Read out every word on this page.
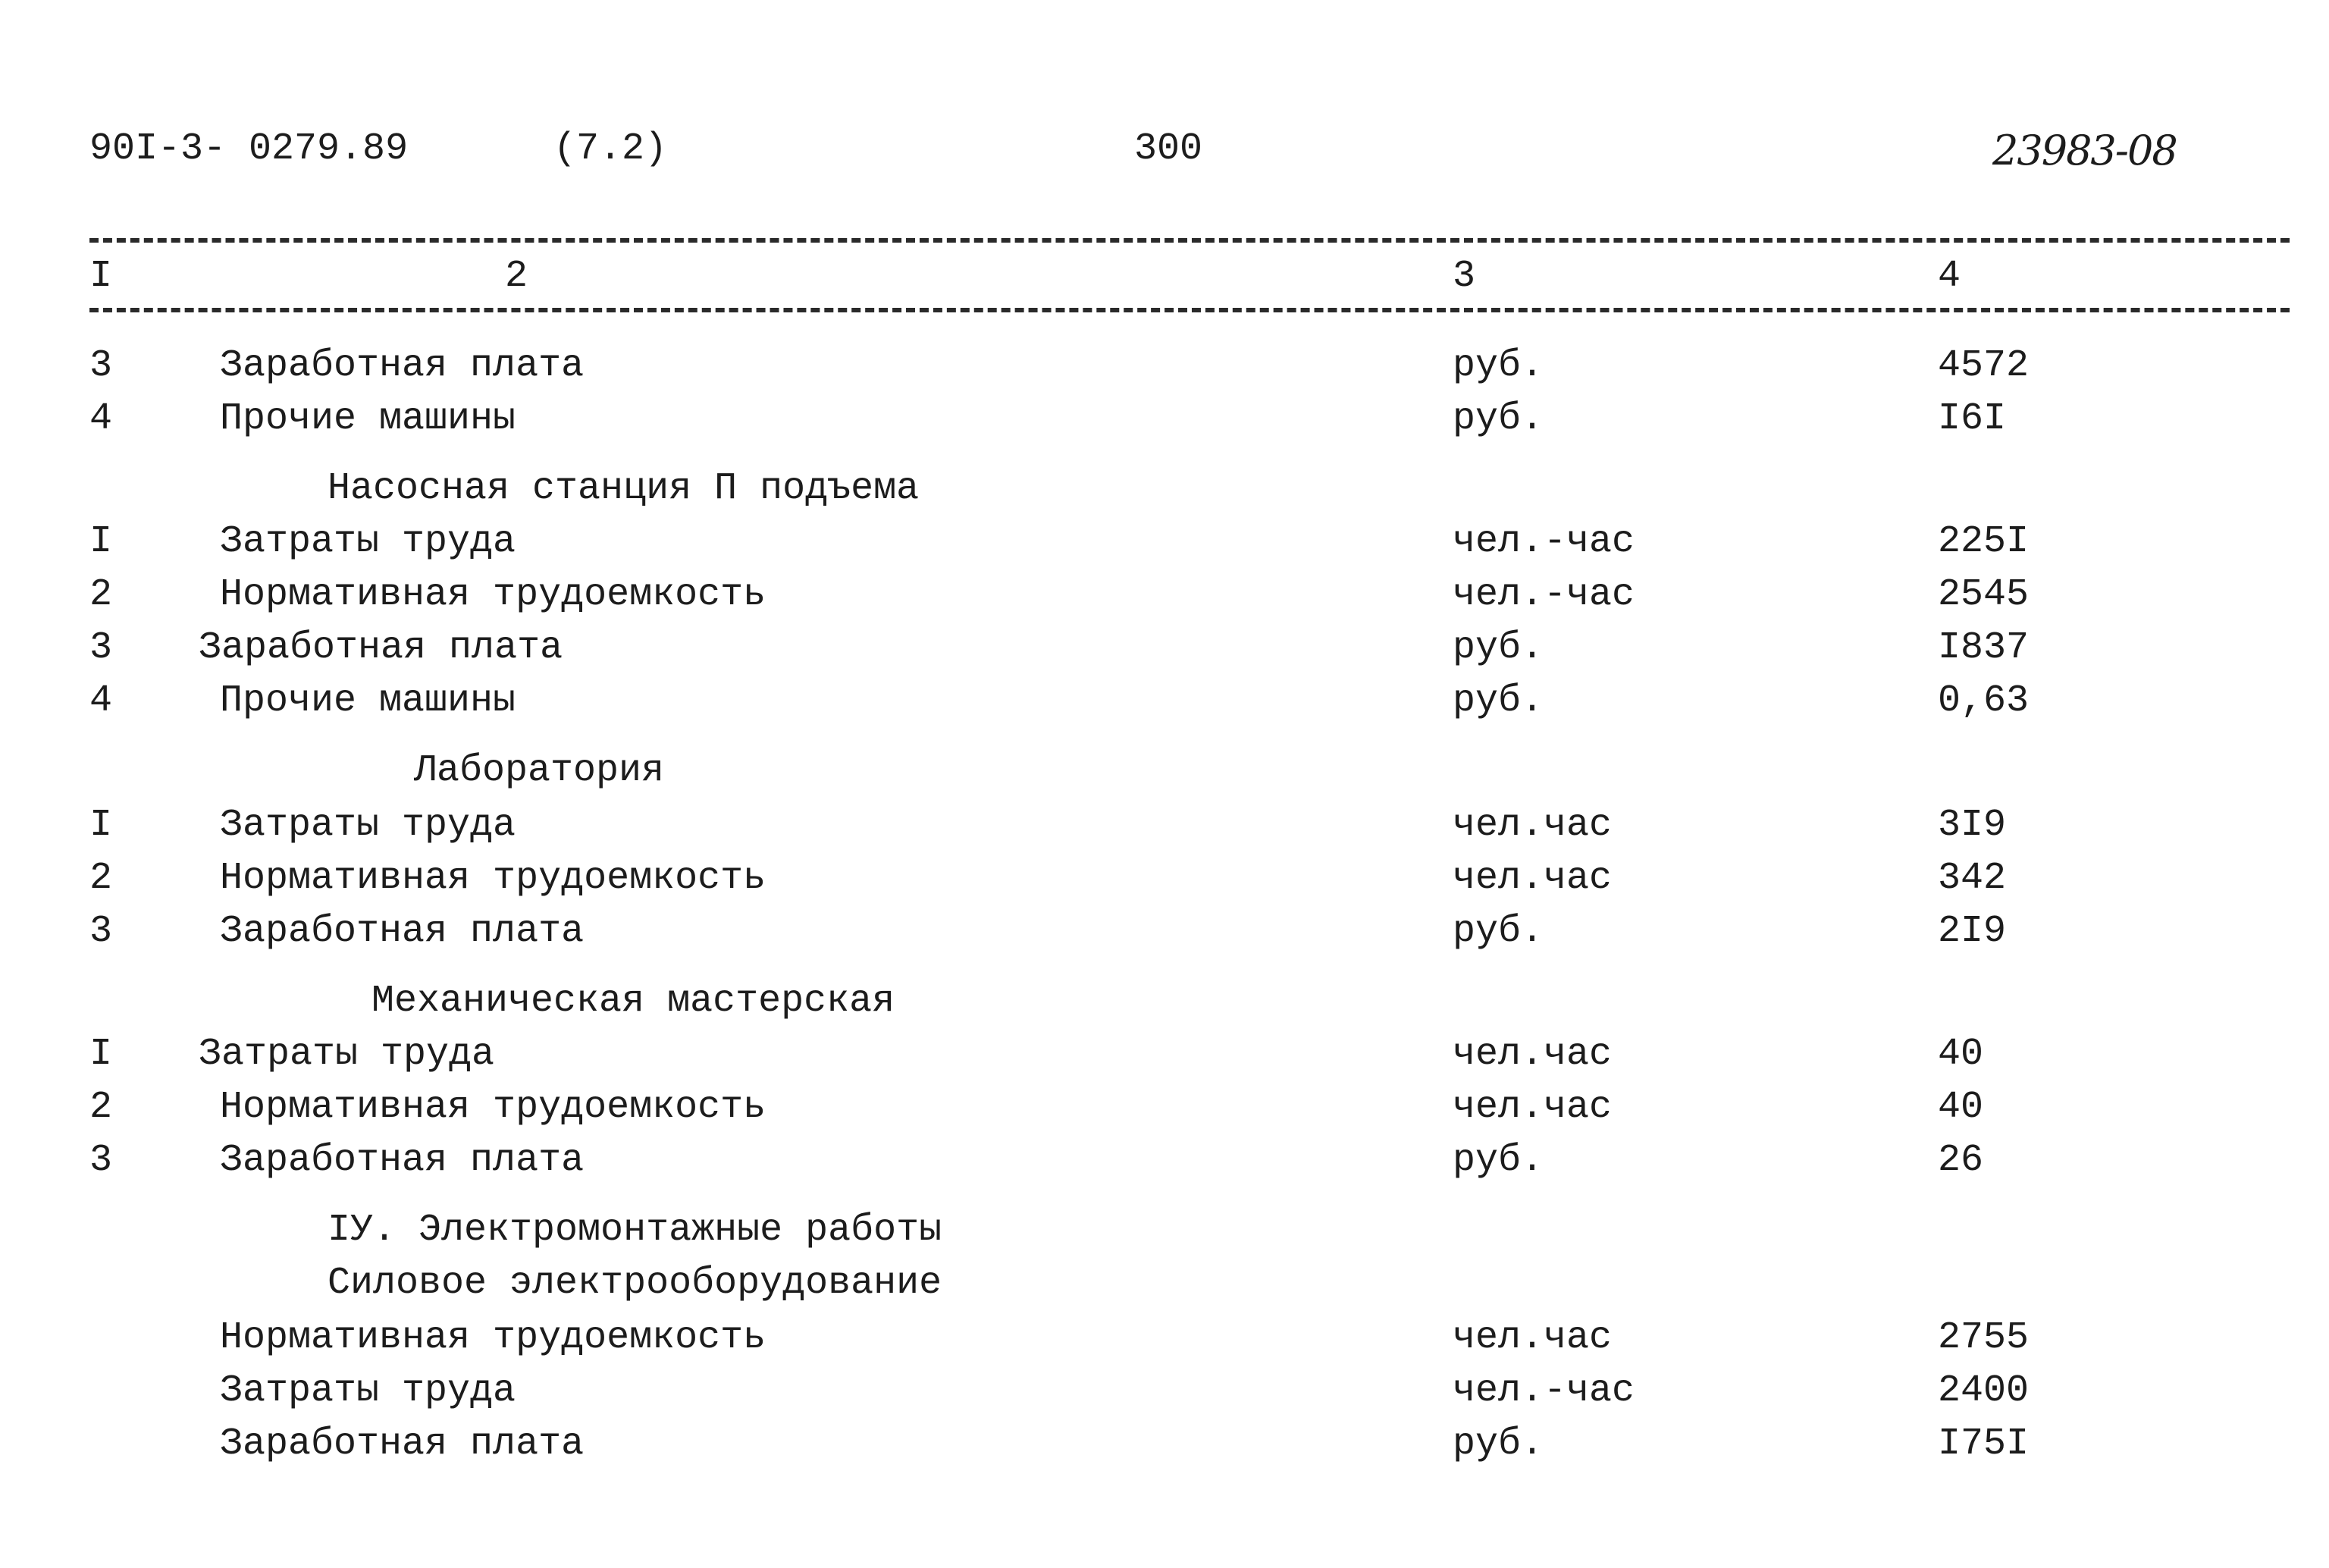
90I-3- 0279.89	(7.2)	300	23983-08
I	2	3	4
3	Заработная плата	руб.	4572
4	Прочие машины	руб.	I6I
Насосная станция П подъема
I	Затраты труда	чел.-час	225I
2	Нормативная трудоемкость	чел.-час	2545
3 Заработная плата	руб.	I837
4	Прочие машины	руб.	0,63
Лаборатория
I	Затраты труда	чел.час	3I9
2	Нормативная трудоемкость	чел.час	342
3	Заработная плата	руб.	2I9
Механическая мастерская
I Затраты труда	чел.час	40
2	Нормативная трудоемкость	чел.час	40
3	Заработная плата	руб.	26
IУ. Электромонтажные работы
Силовое электрооборудование
Нормативная трудоемкость	чел.час	2755
Затраты труда	чел.-час	2400
Заработная плата	руб.	I75I
